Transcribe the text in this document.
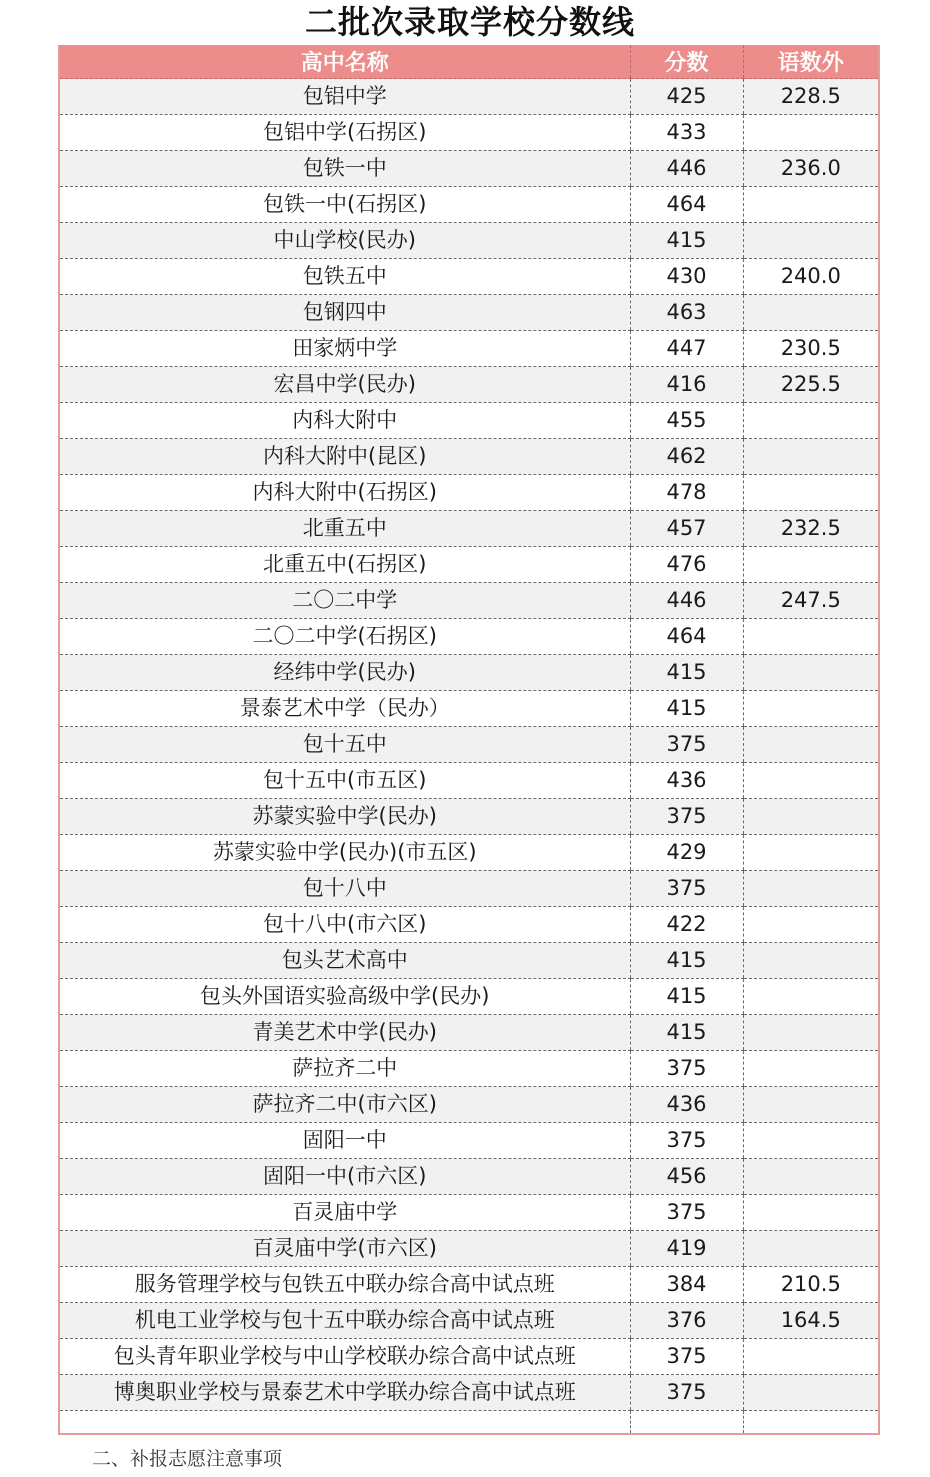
二批次录取学校分数线
高中名称	分数	语数外
包铝中学	425	228.5
包铝中学(石拐区)	433	
包铁一中	446	236.0
包铁一中(石拐区)	464	
中山学校(民办)	415	
包铁五中	430	240.0
包钢四中	463	
田家炳中学	447	230.5
宏昌中学(民办)	416	225.5
内科大附中	455	
内科大附中(昆区)	462	
内科大附中(石拐区)	478	
北重五中	457	232.5
北重五中(石拐区)	476	
二〇二中学	446	247.5
二〇二中学(石拐区)	464	
经纬中学(民办)	415	
景泰艺术中学（民办）	415	
包十五中	375	
包十五中(市五区)	436	
苏蒙实验中学(民办)	375	
苏蒙实验中学(民办)(市五区)	429	
包十八中	375	
包十八中(市六区)	422	
包头艺术高中	415	
包头外国语实验高级中学(民办)	415	
青美艺术中学(民办)	415	
萨拉齐二中	375	
萨拉齐二中(市六区)	436	
固阳一中	375	
固阳一中(市六区)	456	
百灵庙中学	375	
百灵庙中学(市六区)	419	
服务管理学校与包铁五中联办综合高中试点班	384	210.5
机电工业学校与包十五中联办综合高中试点班	376	164.5
包头青年职业学校与中山学校联办综合高中试点班	375	
博奥职业学校与景泰艺术中学联办综合高中试点班	375	

二、补报志愿注意事项
